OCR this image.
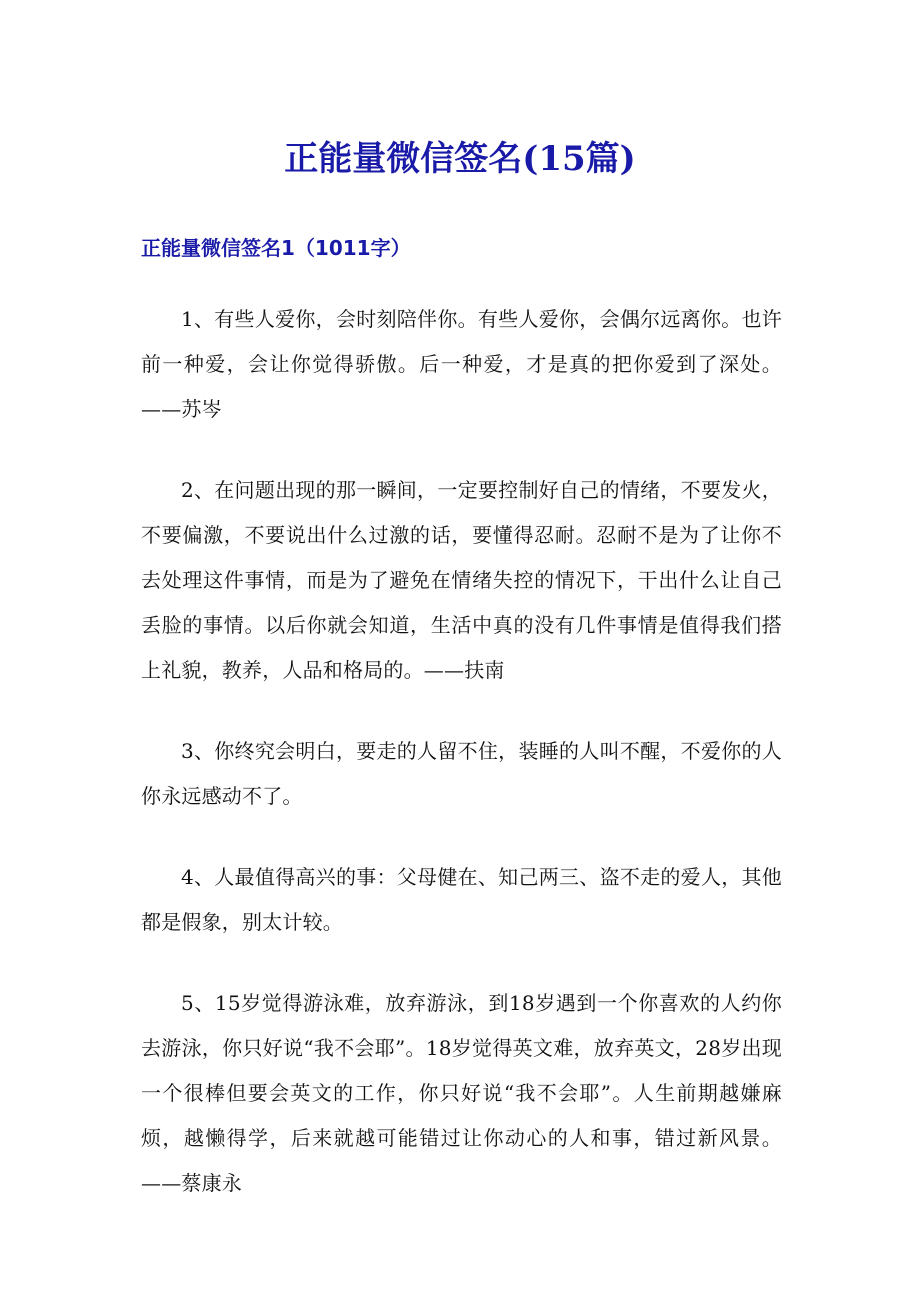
正能量微信签名(15篇)
正能量微信签名1（1011字）

1、有些人爱你，会时刻陪伴你。有些人爱你，会偶尔远离你。也许前一种爱，会让你觉得骄傲。后一种爱，才是真的把你爱到了深处。——苏岑

2、在问题出现的那一瞬间，一定要控制好自己的情绪，不要发火，不要偏激，不要说出什么过激的话，要懂得忍耐。忍耐不是为了让你不去处理这件事情，而是为了避免在情绪失控的情况下，干出什么让自己丢脸的事情。以后你就会知道，生活中真的没有几件事情是值得我们搭上礼貌，教养，人品和格局的。——扶南

3、你终究会明白，要走的人留不住，装睡的人叫不醒，不爱你的人你永远感动不了。

4、人最值得高兴的事：父母健在、知己两三、盗不走的爱人，其他都是假象，别太计较。

5、15岁觉得游泳难，放弃游泳，到18岁遇到一个你喜欢的人约你去游泳，你只好说“我不会耶”。18岁觉得英文难，放弃英文，28岁出现一个很棒但要会英文的工作，你只好说“我不会耶”。人生前期越嫌麻烦，越懒得学，后来就越可能错过让你动心的人和事，错过新风景。——蔡康永
